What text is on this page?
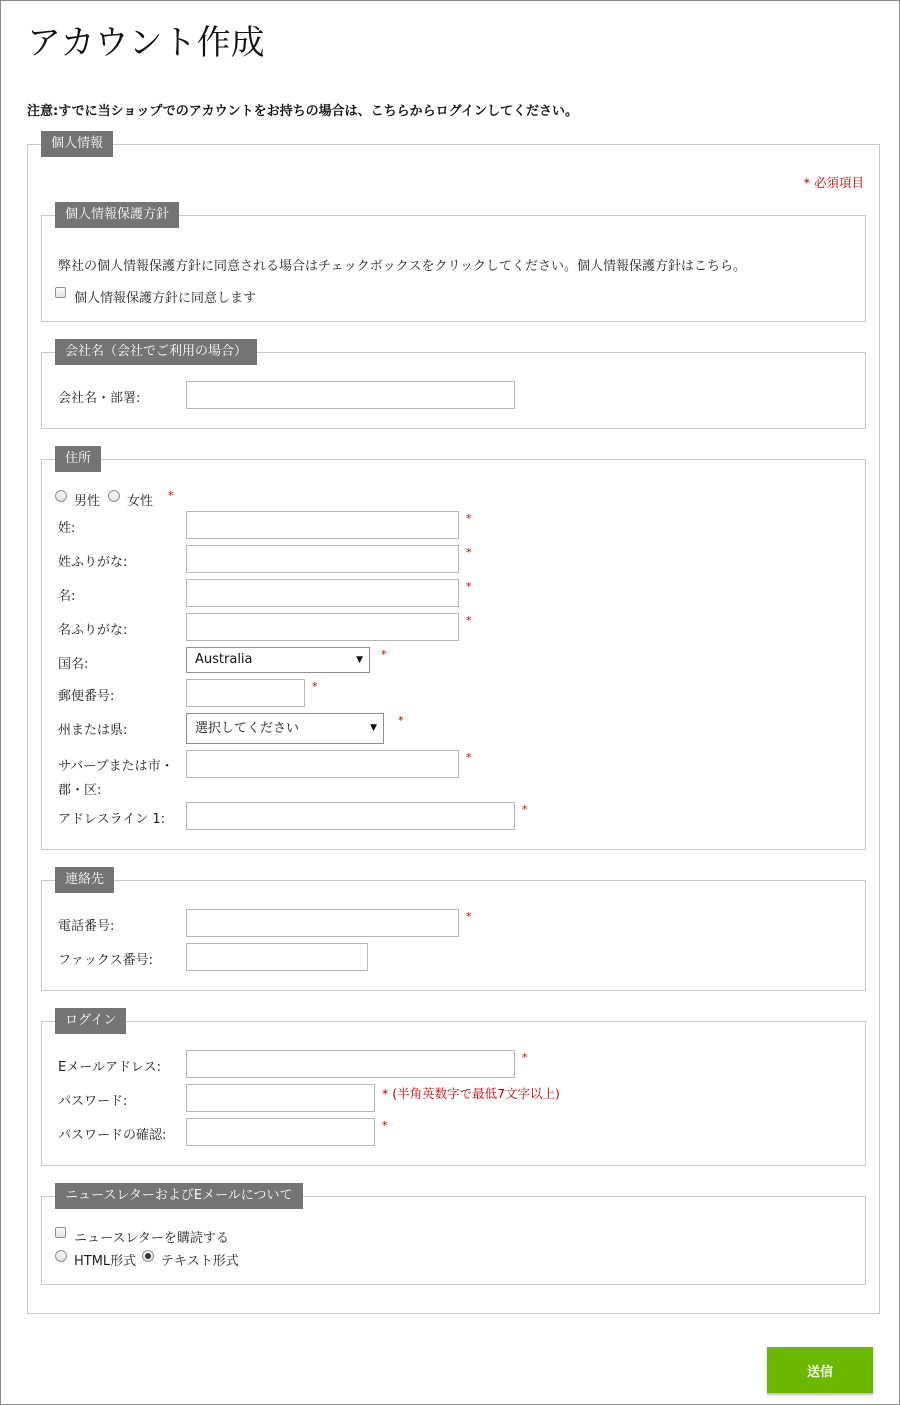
アカウント作成
注意:すでに当ショップでのアカウントをお持ちの場合は、こちらからログインしてください。
個人情報
* 必須項目
個人情報保護方針
弊社の個人情報保護方針に同意される場合はチェックボックスをクリックしてください。個人情報保護方針はこちら。
個人情報保護方針に同意します
会社名（会社でご利用の場合）
会社名・部署:
住所
男性 女性 *
姓:
*
姓ふりがな:
*
名:
*
名ふりがな:
*
国名:	Australia	▼ *
郵便番号:
*
州または県:	選択してください	▼
*
サバーブまたは市・
郡・区:
*
アドレスライン 1:
*
連絡先
電話番号:
*
ファックス番号:
ログイン
Eメールアドレス:
*
パスワード:
* (半角英数字で最低7文字以上)
パスワードの確認:
*
ニュースレターおよびEメールについて
ニュースレターを購読する
HTML形式 テキスト形式
送信
